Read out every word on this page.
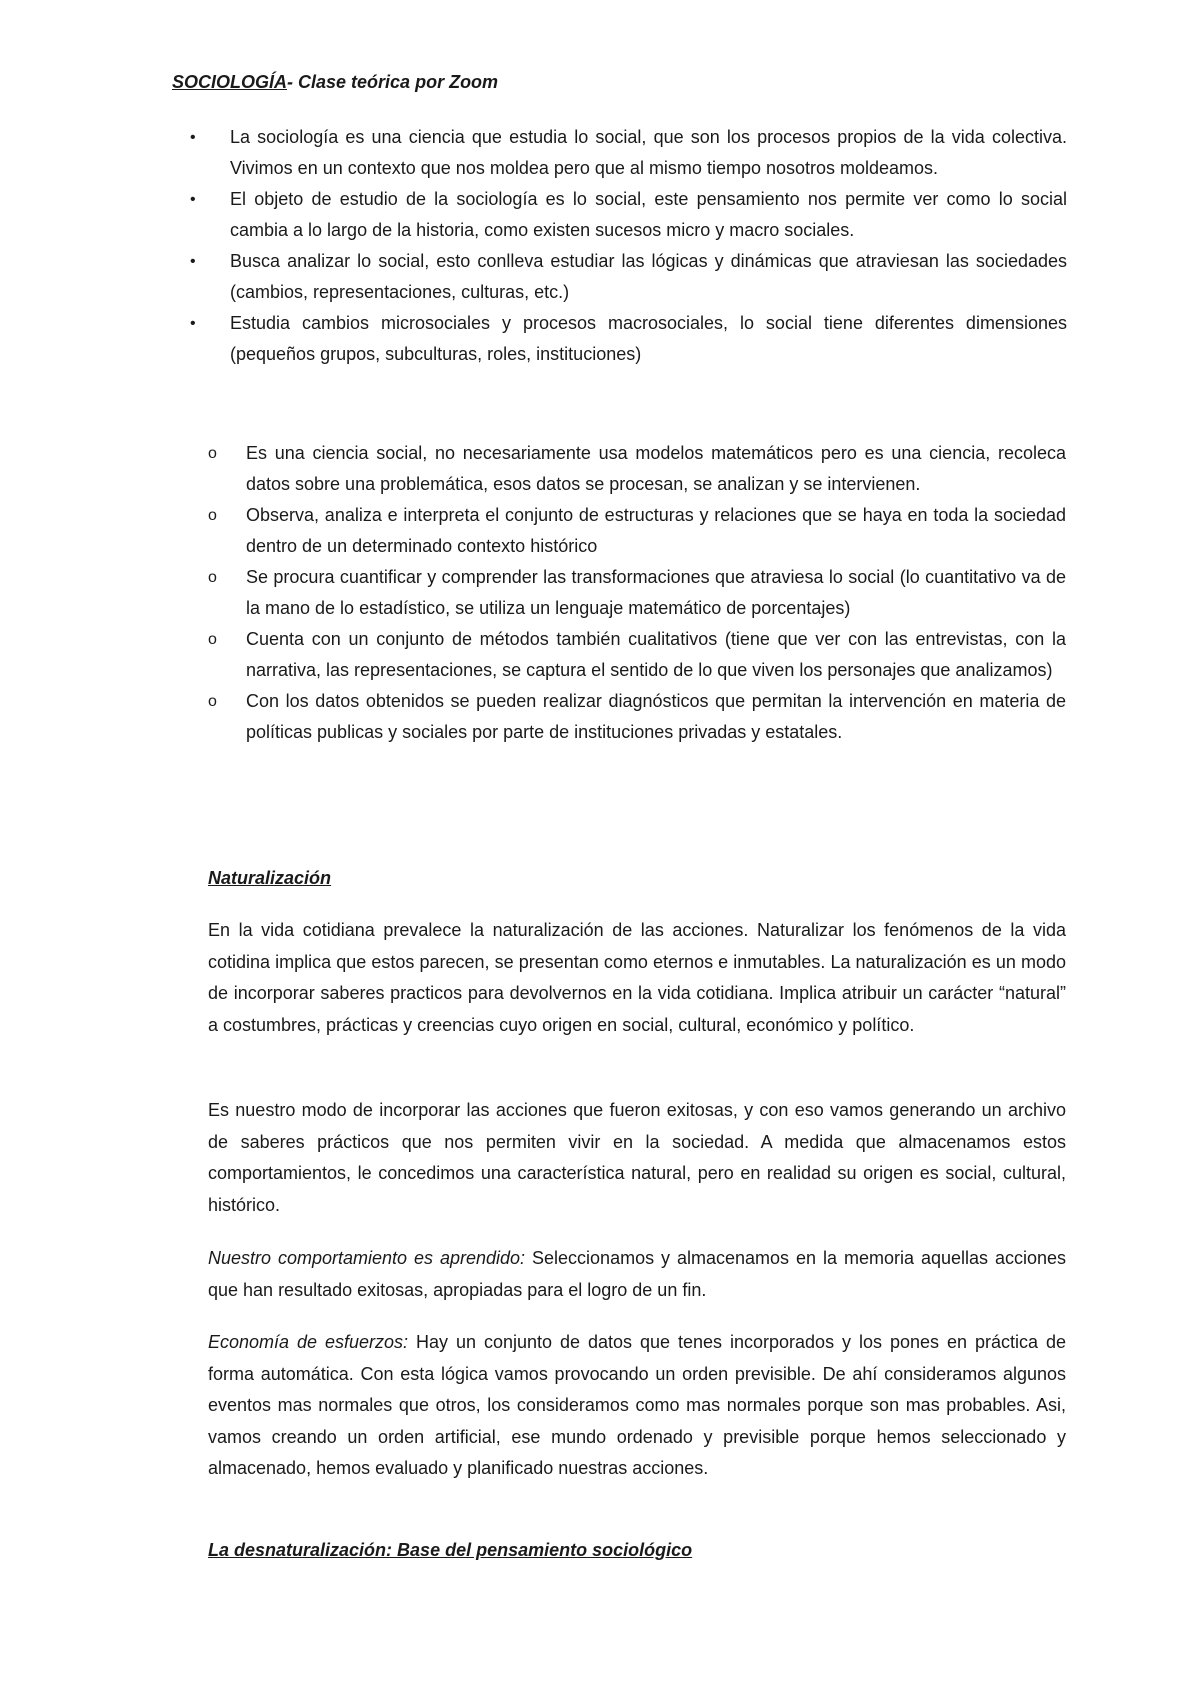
SOCIOLOGÍA- Clase teórica por Zoom
• La sociología es una ciencia que estudia lo social, que son los procesos propios de la vida colectiva. Vivimos en un contexto que nos moldea pero que al mismo tiempo nosotros moldeamos.
• El objeto de estudio de la sociología es lo social, este pensamiento nos permite ver como lo social cambia a lo largo de la historia, como existen sucesos micro y macro sociales.
• Busca analizar lo social, esto conlleva estudiar las lógicas y dinámicas que atraviesan las sociedades (cambios, representaciones, culturas, etc.)
• Estudia cambios microsociales y procesos macrosociales, lo social tiene diferentes dimensiones (pequeños grupos, subculturas, roles, instituciones)
o Es una ciencia social, no necesariamente usa modelos matemáticos pero es una ciencia, recoleca datos sobre una problemática, esos datos se procesan, se analizan y se intervienen.
o Observa, analiza e interpreta el conjunto de estructuras y relaciones que se haya en toda la sociedad dentro de un determinado contexto histórico
o Se procura cuantificar y comprender las transformaciones que atraviesa lo social (lo cuantitativo va de la mano de lo estadístico, se utiliza un lenguaje matemático de porcentajes)
o Cuenta con un conjunto de métodos también cualitativos (tiene que ver con las entrevistas, con la narrativa, las representaciones, se captura el sentido de lo que viven los personajes que analizamos)
o Con los datos obtenidos se pueden realizar diagnósticos que permitan la intervención en materia de políticas publicas y sociales por parte de instituciones privadas y estatales.
Naturalización
En la vida cotidiana prevalece la naturalización de las acciones. Naturalizar los fenómenos de la vida cotidina implica que estos parecen, se presentan como eternos e inmutables. La naturalización es un modo de incorporar saberes practicos para devolvernos en la vida cotidiana. Implica atribuir un carácter “natural” a costumbres, prácticas y creencias cuyo origen en social, cultural, económico y político.
Es nuestro modo de incorporar las acciones que fueron exitosas, y con eso vamos generando un archivo de saberes prácticos que nos permiten vivir en la sociedad. A medida que almacenamos estos comportamientos, le concedimos una característica natural, pero en realidad su origen es social, cultural, histórico.
Nuestro comportamiento es aprendido: Seleccionamos y almacenamos en la memoria aquellas acciones que han resultado exitosas, apropiadas para el logro de un fin.
Economía de esfuerzos: Hay un conjunto de datos que tenes incorporados y los pones en práctica de forma automática. Con esta lógica vamos provocando un orden previsible. De ahí consideramos algunos eventos mas normales que otros, los consideramos como mas normales porque son mas probables. Asi, vamos creando un orden artificial, ese mundo ordenado y previsible porque hemos seleccionado y almacenado, hemos evaluado y planificado nuestras acciones.
La desnaturalización: Base del pensamiento sociológico
